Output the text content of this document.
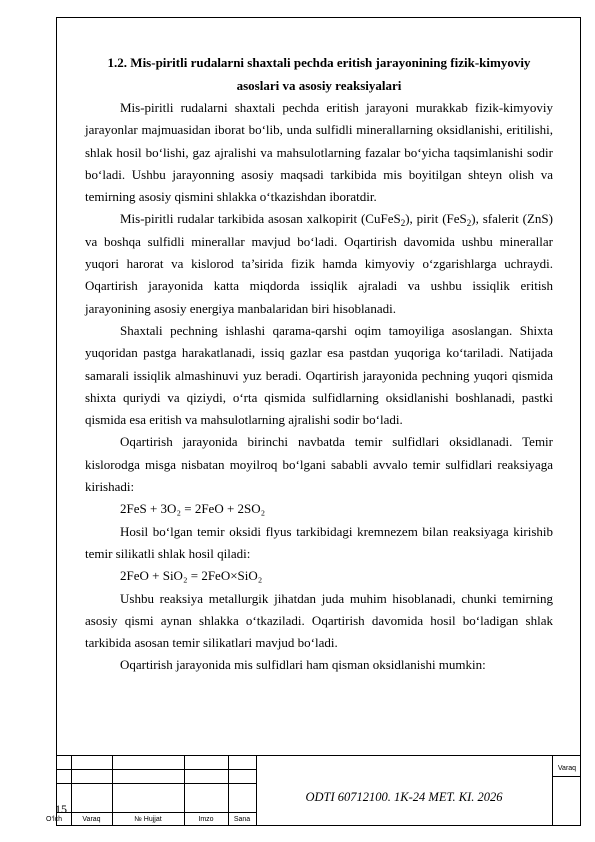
1.2. Mis-piritli rudalarni shaxtali pechda eritish jarayonining fizik-kimyoviy
asoslari va asosiy reaksiyalari

Mis-piritli rudalarni shaxtali pechda eritish jarayoni murakkab fizik-kimyoviy jarayonlar majmuasidan iborat bo‘lib, unda sulfidli minerallarning oksidlanishi, eritilishi, shlak hosil bo‘lishi, gaz ajralishi va mahsulotlarning fazalar bo‘yicha taqsimlanishi sodir bo‘ladi. Ushbu jarayonning asosiy maqsadi tarkibida mis boyitilgan shteyn olish va temirning asosiy qismini shlakka o‘tkazishdan iboratdir.

Mis-piritli rudalar tarkibida asosan xalkopirit (CuFeS$_2$), pirit (FeS$_2$), sfalerit (ZnS) va boshqa sulfidli minerallar mavjud bo‘ladi. Oqartirish davomida ushbu minerallar yuqori harorat va kislorod ta’sirida fizik hamda kimyoviy o‘zgarishlarga uchraydi. Oqartirish jarayonida katta miqdorda issiqlik ajraladi va ushbu issiqlik eritish jarayonining asosiy energiya manbalaridan biri hisoblanadi.

Shaxtali pechning ishlashi qarama-qarshi oqim tamoyiliga asoslangan. Shixta yuqoridan pastga harakatlanadi, issiq gazlar esa pastdan yuqoriga ko‘tariladi. Natijada samarali issiqlik almashinuvi yuz beradi. Oqartirish jarayonida pechning yuqori qismida shixta quriydi va qiziydi, o‘rta qismida sulfidlarning oksidlanishi boshlanadi, pastki qismida esa eritish va mahsulotlarning ajralishi sodir bo‘ladi.

Oqartirish jarayonida birinchi navbatda temir sulfidlari oksidlanadi. Temir kislorodga misga nisbatan moyilroq bo‘lgani sababli avvalo temir sulfidlari reaksiyaga kirishadi:

2FeS + 3O₂ = 2FeO + 2SO₂

Hosil bo‘lgan temir oksidi flyus tarkibidagi kremnezem bilan reaksiyaga kirishib temir silikatli shlak hosil qiladi:

2FeO + SiO₂ = 2FeO×SiO₂

Ushbu reaksiya metallurgik jihatdan juda muhim hisoblanadi, chunki temirning asosiy qismi aynan shlakka o‘tkaziladi. Oqartirish davomida hosil bo‘ladigan shlak tarkibida asosan temir silikatlari mavjud bo‘ladi.

Oqartirish jarayonida mis sulfidlari ham qisman oksidlanishi mumkin:

15
ODTI 60712100. 1K-24 MET. KI. 2026
Varaq
O‘lch	Varaq	№ Hujjat	Imzo	Sana
